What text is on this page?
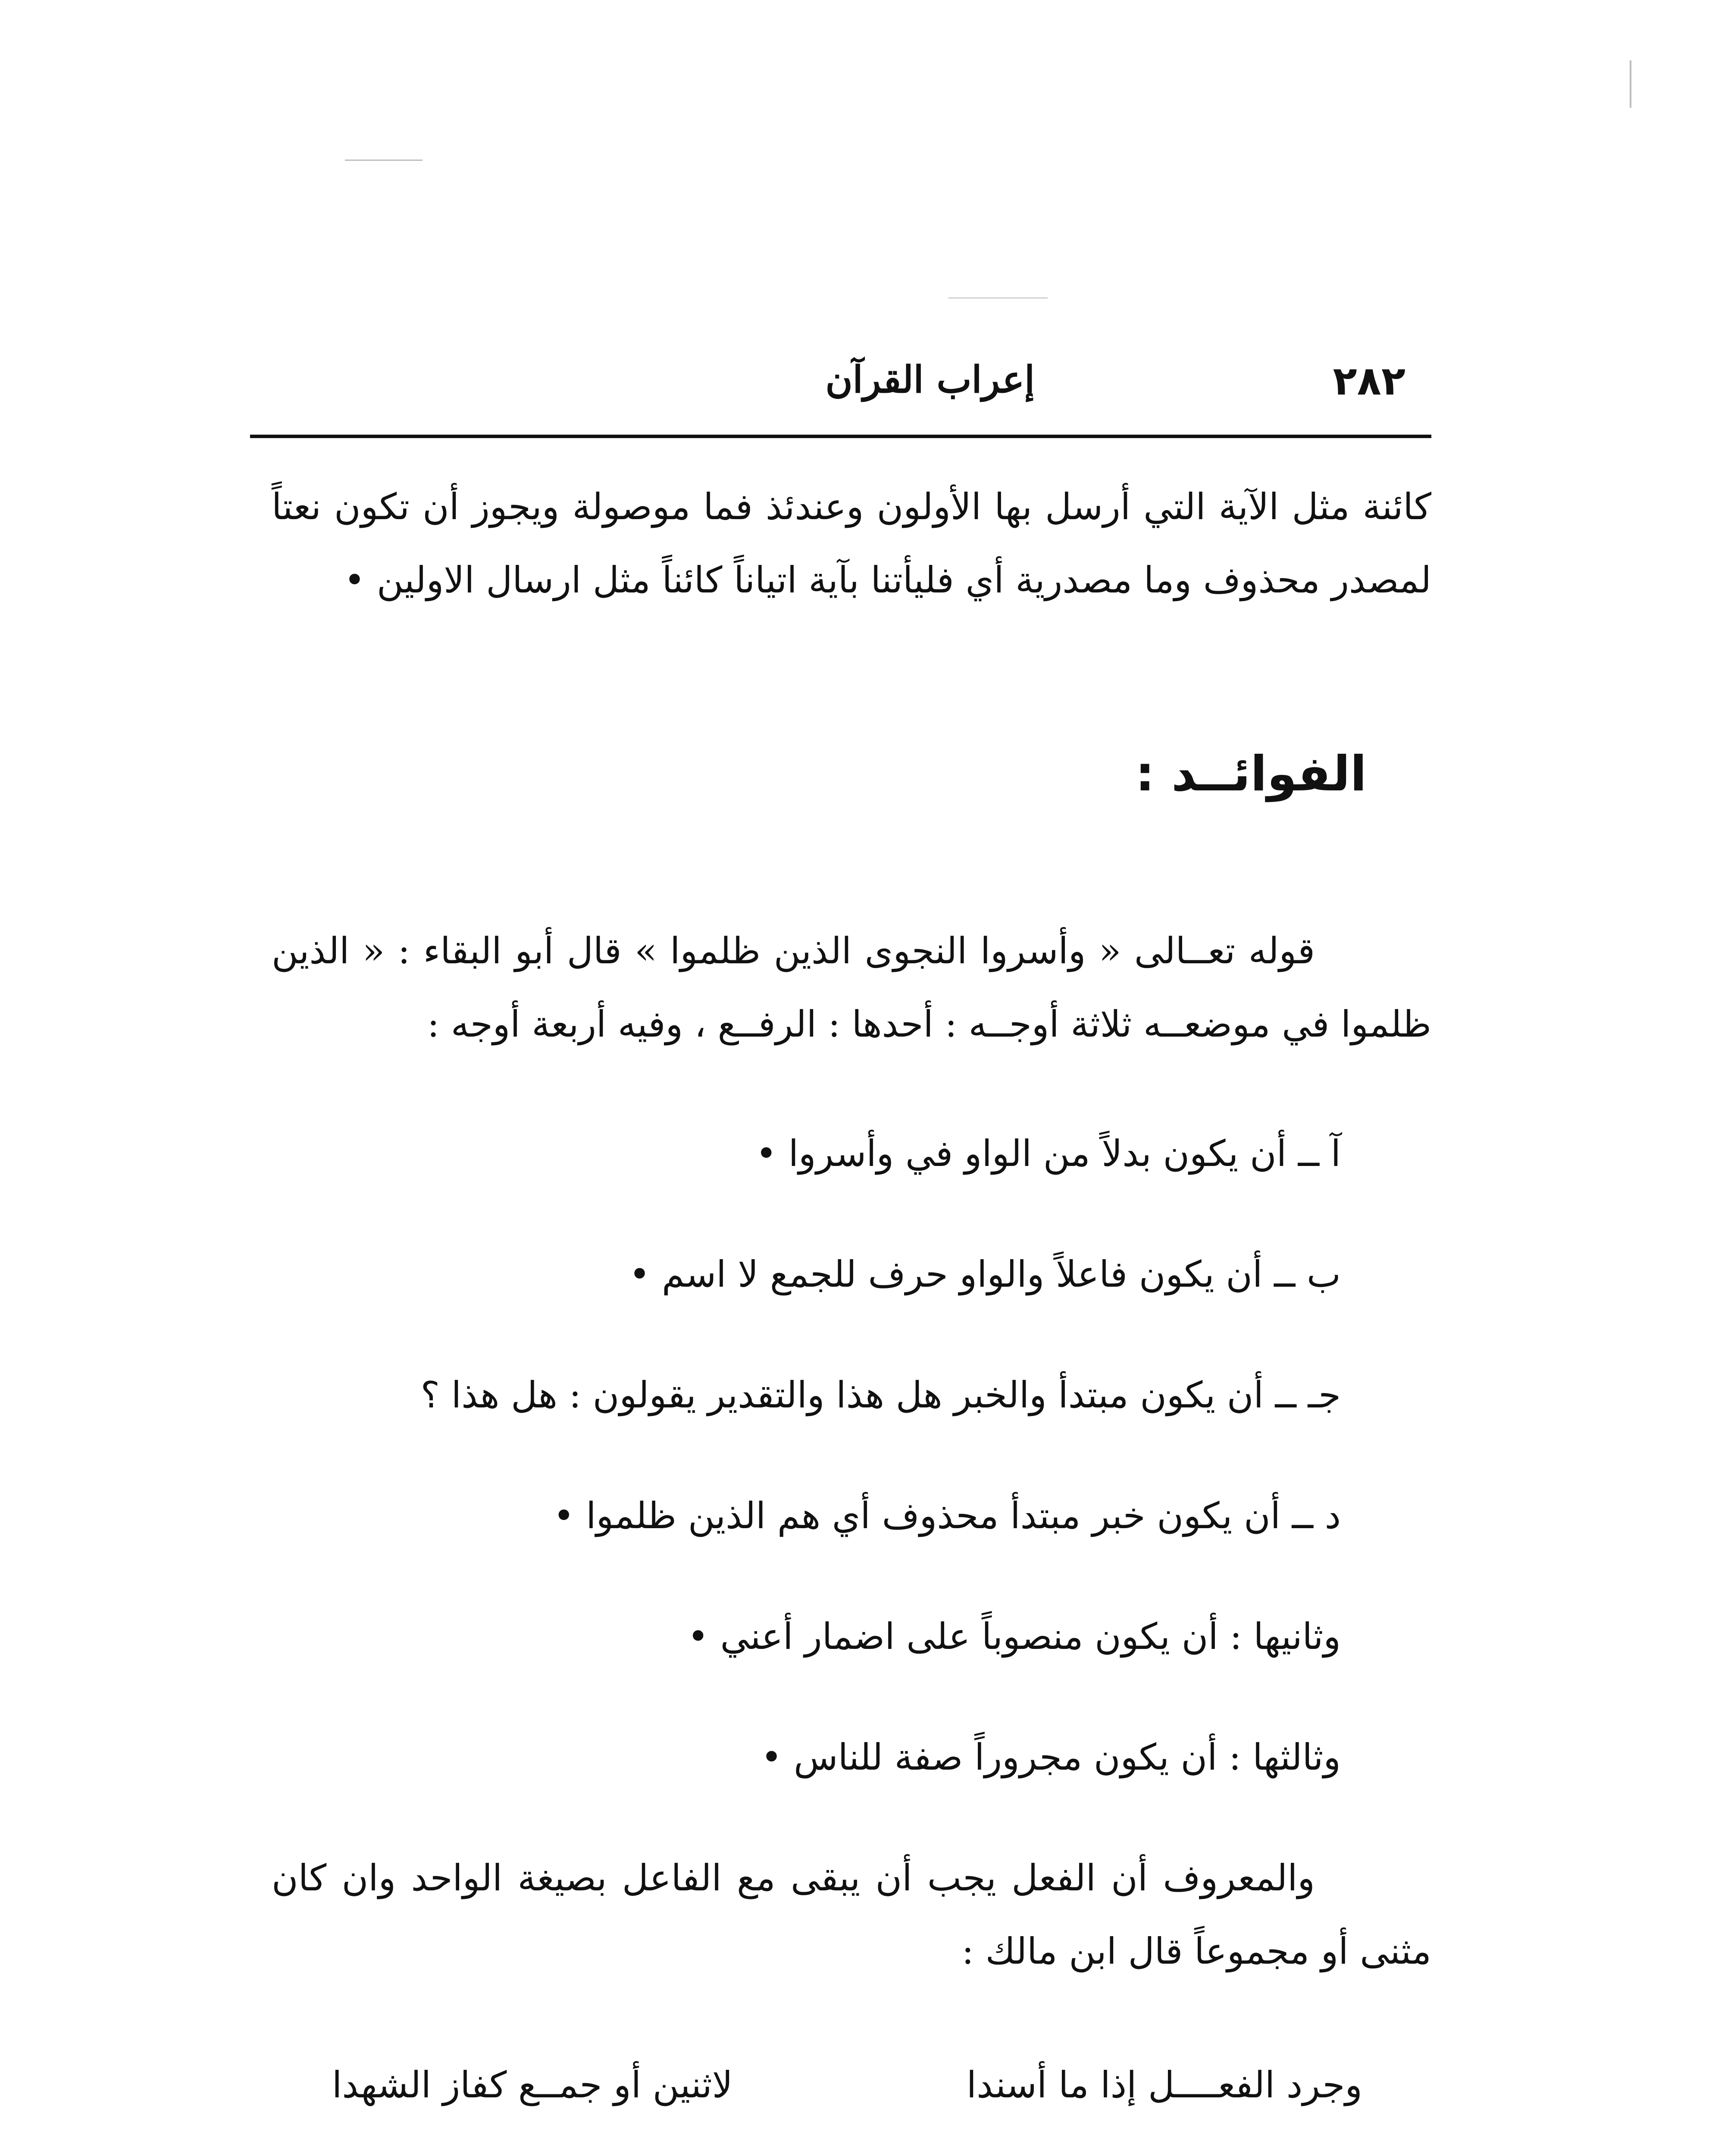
٢٨٢
إعراب القرآن

كائنة مثل الآية التي أرسل بها الأولون وعندئذ فما موصولة ويجوز أن تكون نعتاً لمصدر محذوف وما مصدرية أي فليأتنا بآية اتياناً كائناً مثل ارسال الاولين •

الفوائــد :

قوله تعــالى « وأسروا النجوى الذين ظلموا » قال أبو البقاء : « الذين ظلموا في موضعــه ثلاثة أوجــه : أحدها : الرفــع ، وفيه أربعة أوجه :

آ ــ أن يكون بدلاً من الواو في وأسروا •
ب ــ أن يكون فاعلاً والواو حرف للجمع لا اسم •
جـ ــ أن يكون مبتدأ والخبر هل هذا والتقدير يقولون : هل هذا ؟
د ــ أن يكون خبر مبتدأ محذوف أي هم الذين ظلموا •
وثانيها : أن يكون منصوباً على اضمار أعني •
وثالثها : أن يكون مجروراً صفة للناس •

والمعروف أن الفعل يجب أن يبقى مع الفاعل بصيغة الواحد وان كان مثنى أو مجموعاً قال ابن مالك :

وجرد الفعــــل إذا ما أسندا
لاثنين أو جمــع كفاز الشهدا
